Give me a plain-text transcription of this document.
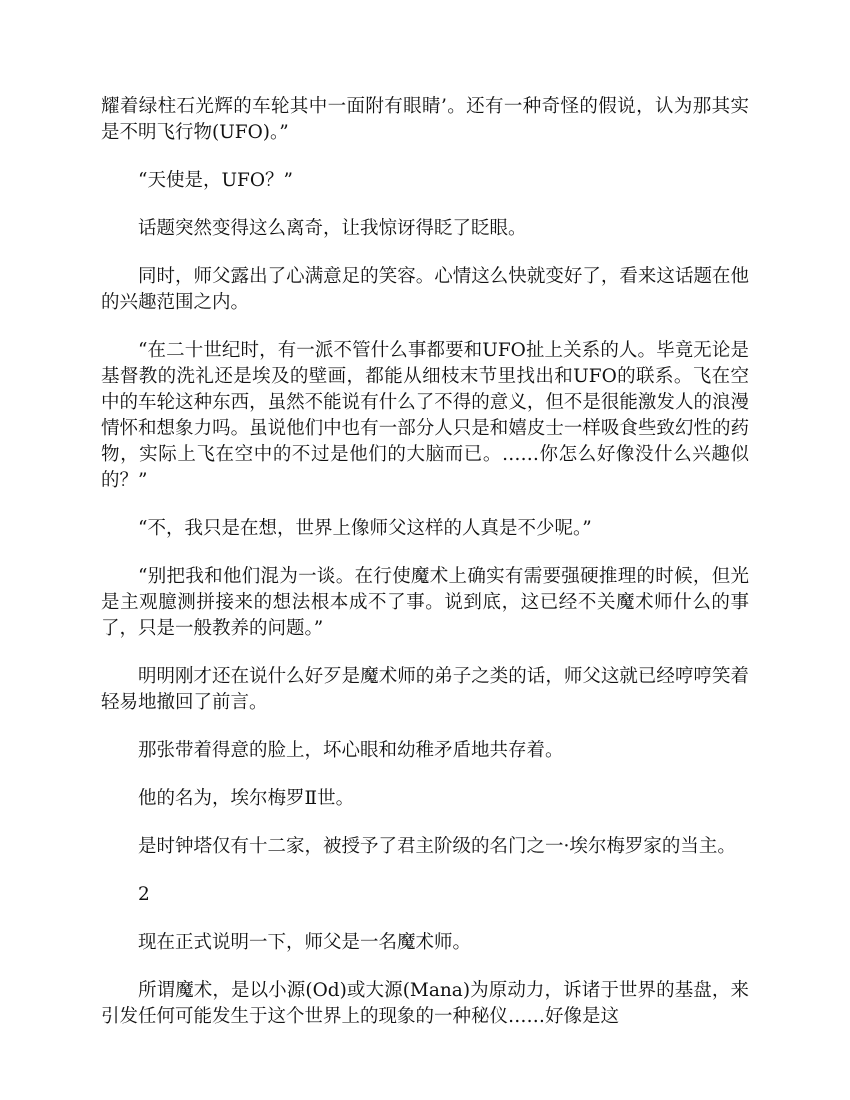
耀着绿柱石光辉的车轮其中一面附有眼睛’。还有一种奇怪的假说，认为那其实是不明飞行物(UFO)。”

“天使是，UFO？”

话题突然变得这么离奇，让我惊讶得眨了眨眼。

同时，师父露出了心满意足的笑容。心情这么快就变好了，看来这话题在他的兴趣范围之内。

“在二十世纪时，有一派不管什么事都要和UFO扯上关系的人。毕竟无论是基督教的洗礼还是埃及的壁画，都能从细枝末节里找出和UFO的联系。飞在空中的车轮这种东西，虽然不能说有什么了不得的意义，但不是很能激发人的浪漫情怀和想象力吗。虽说他们中也有一部分人只是和嬉皮士一样吸食些致幻性的药物，实际上飞在空中的不过是他们的大脑而已。……你怎么好像没什么兴趣似的？”

“不，我只是在想，世界上像师父这样的人真是不少呢。”

“别把我和他们混为一谈。在行使魔术上确实有需要强硬推理的时候，但光是主观臆测拼接来的想法根本成不了事。说到底，这已经不关魔术师什么的事了，只是一般教养的问题。”

明明刚才还在说什么好歹是魔术师的弟子之类的话，师父这就已经哼哼笑着轻易地撤回了前言。

那张带着得意的脸上，坏心眼和幼稚矛盾地共存着。

他的名为，埃尔梅罗Ⅱ世。

是时钟塔仅有十二家，被授予了君主阶级的名门之一·埃尔梅罗家的当主。

2

现在正式说明一下，师父是一名魔术师。

所谓魔术，是以小源(Od)或大源(Mana)为原动力，诉诸于世界的基盘，来引发任何可能发生于这个世界上的现象的一种秘仪……好像是这
